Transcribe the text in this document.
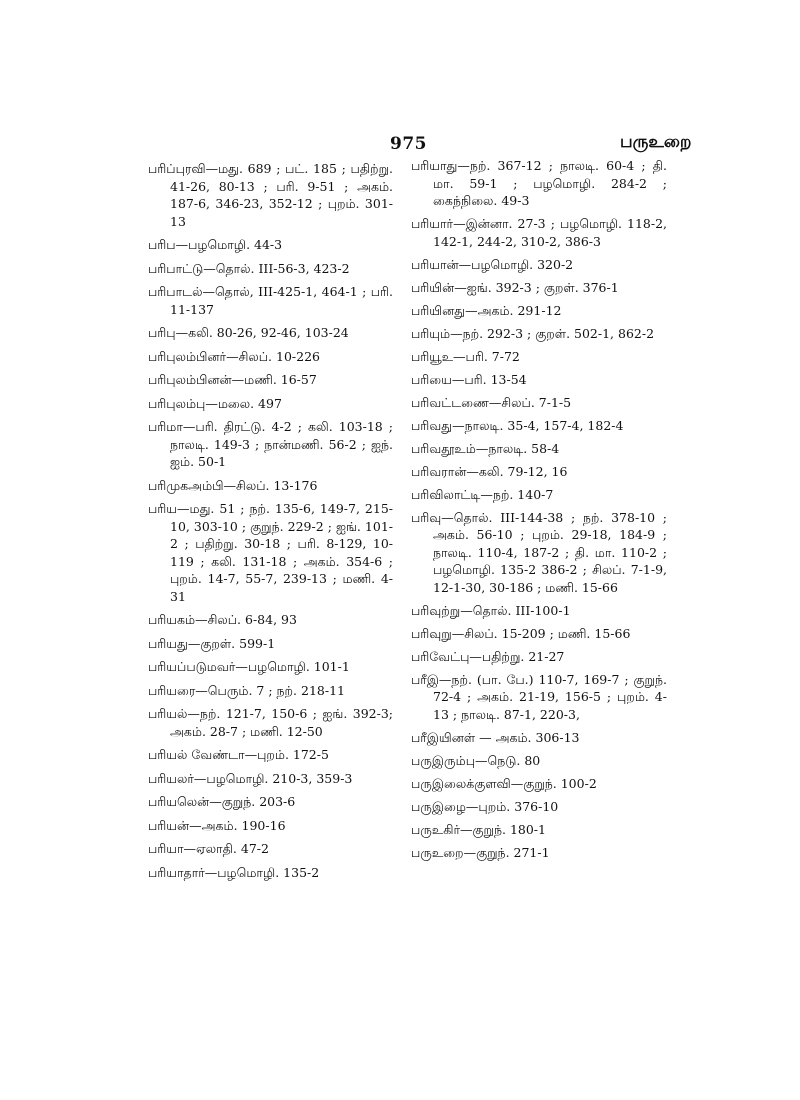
975	பருஉறை

பரிப்புரவி—மது. 689 ; பட். 185 ; பதிற்று. 41-26, 80-13 ; பரி. 9-51 ; அகம். 187-6, 346-23, 352-12 ; புறம். 301-13

பரிப—பழமொழி. 44-3

பரிபாட்டு—தொல். III-56-3, 423-2

பரிபாடல்—தொல், III-425-1, 464-1 ; பரி. 11-137

பரிபு—கலி. 80-26, 92-46, 103-24

பரிபுலம்பினர்—சிலப். 10-226

பரிபுலம்பினன்—மணி. 16-57

பரிபுலம்பு—மலை. 497

பரிமா—பரி. திரட்டு. 4-2 ; கலி. 103-18 ; நாலடி. 149-3 ; நான்மணி. 56-2 ; ஐந். ஐம். 50-1

பரிமுகஅம்பி—சிலப். 13-176

பரிய—மது. 51 ; நற். 135-6, 149-7, 215-10, 303-10 ; குறுந். 229-2 ; ஐங். 101-2 ; பதிற்று. 30-18 ; பரி. 8-129, 10-119 ; கலி. 131-18 ; அகம். 354-6 ; புறம். 14-7, 55-7, 239-13 ; மணி. 4-31

பரியகம்—சிலப். 6-84, 93

பரியது—குறள். 599-1

பரியப்படுமவர்—பழமொழி. 101-1

பரியரை—பெரும். 7 ; நற். 218-11

பரியல்—நற். 121-7, 150-6 ; ஐங். 392-3; அகம். 28-7 ; மணி. 12-50

பரியல் வேண்டா—புறம். 172-5

பரியலர்—பழமொழி. 210-3, 359-3

பரியலென்—குறுந். 203-6

பரியன்—அகம். 190-16

பரியா—ஏலாதி. 47-2

பரியாதார்—பழமொழி. 135-2

பரியாது—நற். 367-12 ; நாலடி. 60-4 ; தி. மா. 59-1 ; பழமொழி. 284-2 ; கைந்நிலை. 49-3

பரியார்—இன்னா. 27-3 ; பழமொழி. 118-2, 142-1, 244-2, 310-2, 386-3

பரியான்—பழமொழி. 320-2

பரியின்—ஐங். 392-3 ; குறள். 376-1

பரியினது—அகம். 291-12

பரியும்—நற். 292-3 ; குறள். 502-1, 862-2

பரியூஉ—பரி. 7-72

பரியை—பரி. 13-54

பரிவட்டணை—சிலப். 7-1-5

பரிவது—நாலடி. 35-4, 157-4, 182-4

பரிவதூஉம்—நாலடி. 58-4

பரிவரான்—கலி. 79-12, 16

பரிவிலாட்டி—நற். 140-7

பரிவு—தொல். III-144-38 ; நற். 378-10 ; அகம். 56-10 ; புறம். 29-18, 184-9 ; நாலடி. 110-4, 187-2 ; தி. மா. 110-2 ; பழமொழி. 135-2 386-2 ; சிலப். 7-1-9, 12-1-30, 30-186 ; மணி. 15-66

பரிவுற்று—தொல். III-100-1

பரிவுறு—சிலப். 15-209 ; மணி. 15-66

பரிவேட்பு—பதிற்று. 21-27

பரீஇ—நற். (பா. பே.) 110-7, 169-7 ; குறுந். 72-4 ; அகம். 21-19, 156-5 ; புறம். 4-13 ; நாலடி. 87-1, 220-3,

பரீஇயினள் — அகம். 306-13

பருஇரும்பு—நெடு. 80

பருஇலைக்குளவி—குறுந். 100-2

பருஇழை—புறம். 376-10

பருஉகிர்—குறுந். 180-1

பருஉறை—குறுந். 271-1
